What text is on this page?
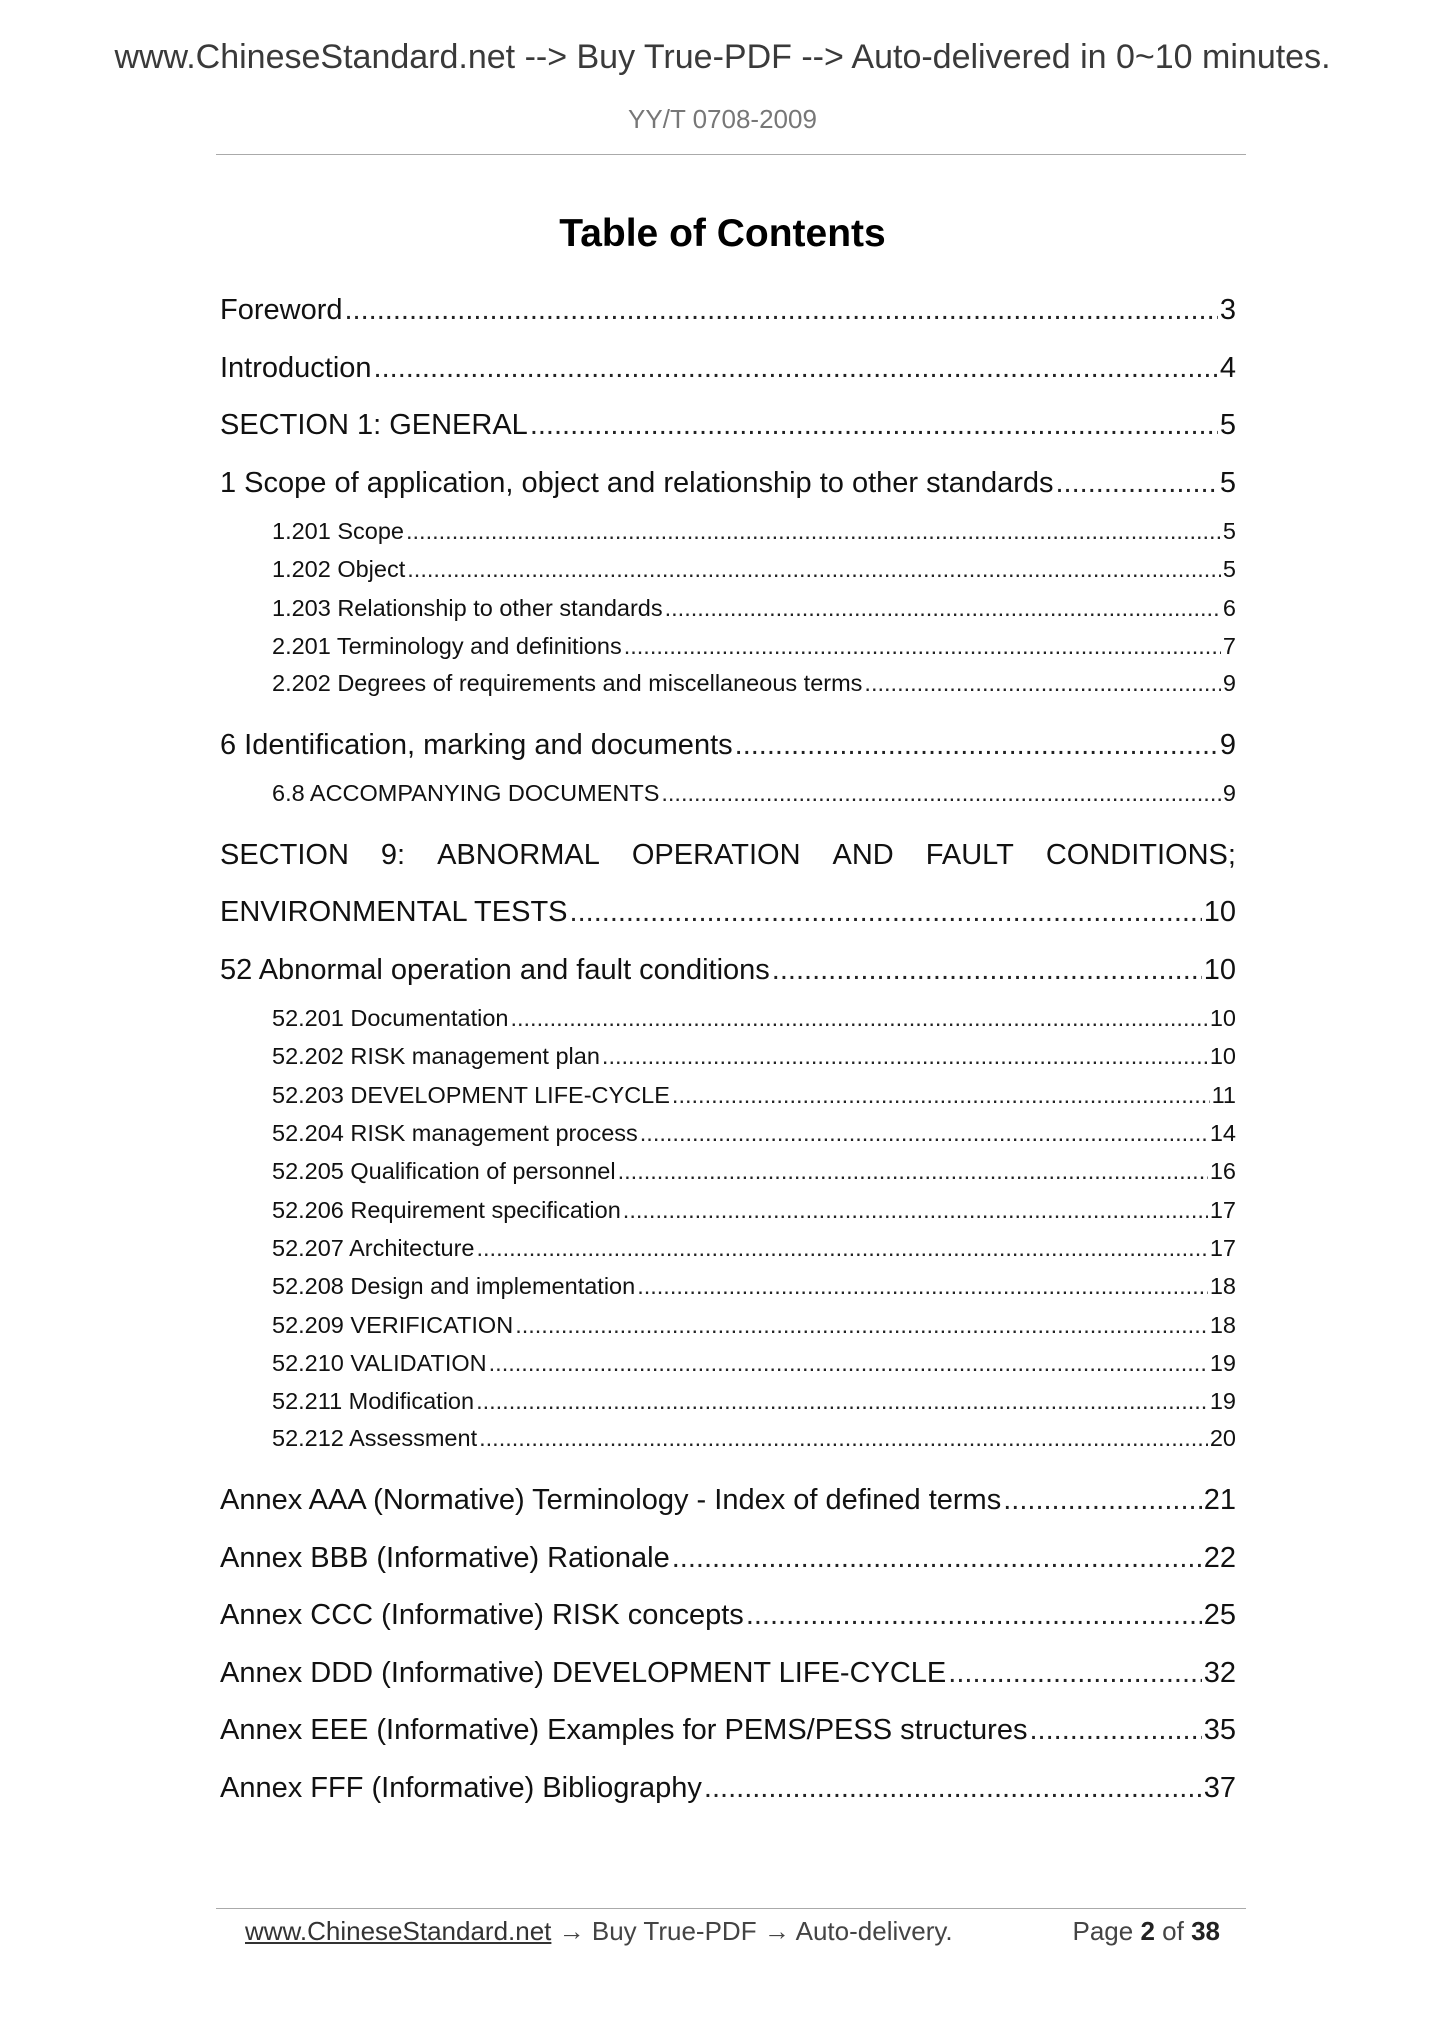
www.ChineseStandard.net --> Buy True-PDF --> Auto-delivered in 0~10 minutes.
YY/T 0708-2009
Table of Contents
Foreword .....	3
Introduction .....	4
SECTION 1: GENERAL .....	5
1 Scope of application, object and relationship to other standards .....	5
1.201 Scope .....	5
1.202 Object .....	5
1.203 Relationship to other standards .....	6
2.201 Terminology and definitions .....	7
2.202 Degrees of requirements and miscellaneous terms .....	9
6 Identification, marking and documents .....	9
6.8 ACCOMPANYING DOCUMENTS .....	9
SECTION 9: ABNORMAL OPERATION AND FAULT CONDITIONS;
ENVIRONMENTAL TESTS .....	10
52 Abnormal operation and fault conditions .....	10
52.201 Documentation .....	10
52.202 RISK management plan .....	10
52.203 DEVELOPMENT LIFE-CYCLE .....	11
52.204 RISK management process .....	14
52.205 Qualification of personnel .....	16
52.206 Requirement specification .....	17
52.207 Architecture .....	17
52.208 Design and implementation .....	18
52.209 VERIFICATION .....	18
52.210 VALIDATION .....	19
52.211 Modification .....	19
52.212 Assessment .....	20
Annex AAA (Normative) Terminology - Index of defined terms .....	21
Annex BBB (Informative) Rationale .....	22
Annex CCC (Informative) RISK concepts .....	25
Annex DDD (Informative) DEVELOPMENT LIFE-CYCLE .....	32
Annex EEE (Informative) Examples for PEMS/PESS structures .....	35
Annex FFF (Informative) Bibliography .....	37
www.ChineseStandard.net → Buy True-PDF → Auto-delivery.	Page 2 of 38
